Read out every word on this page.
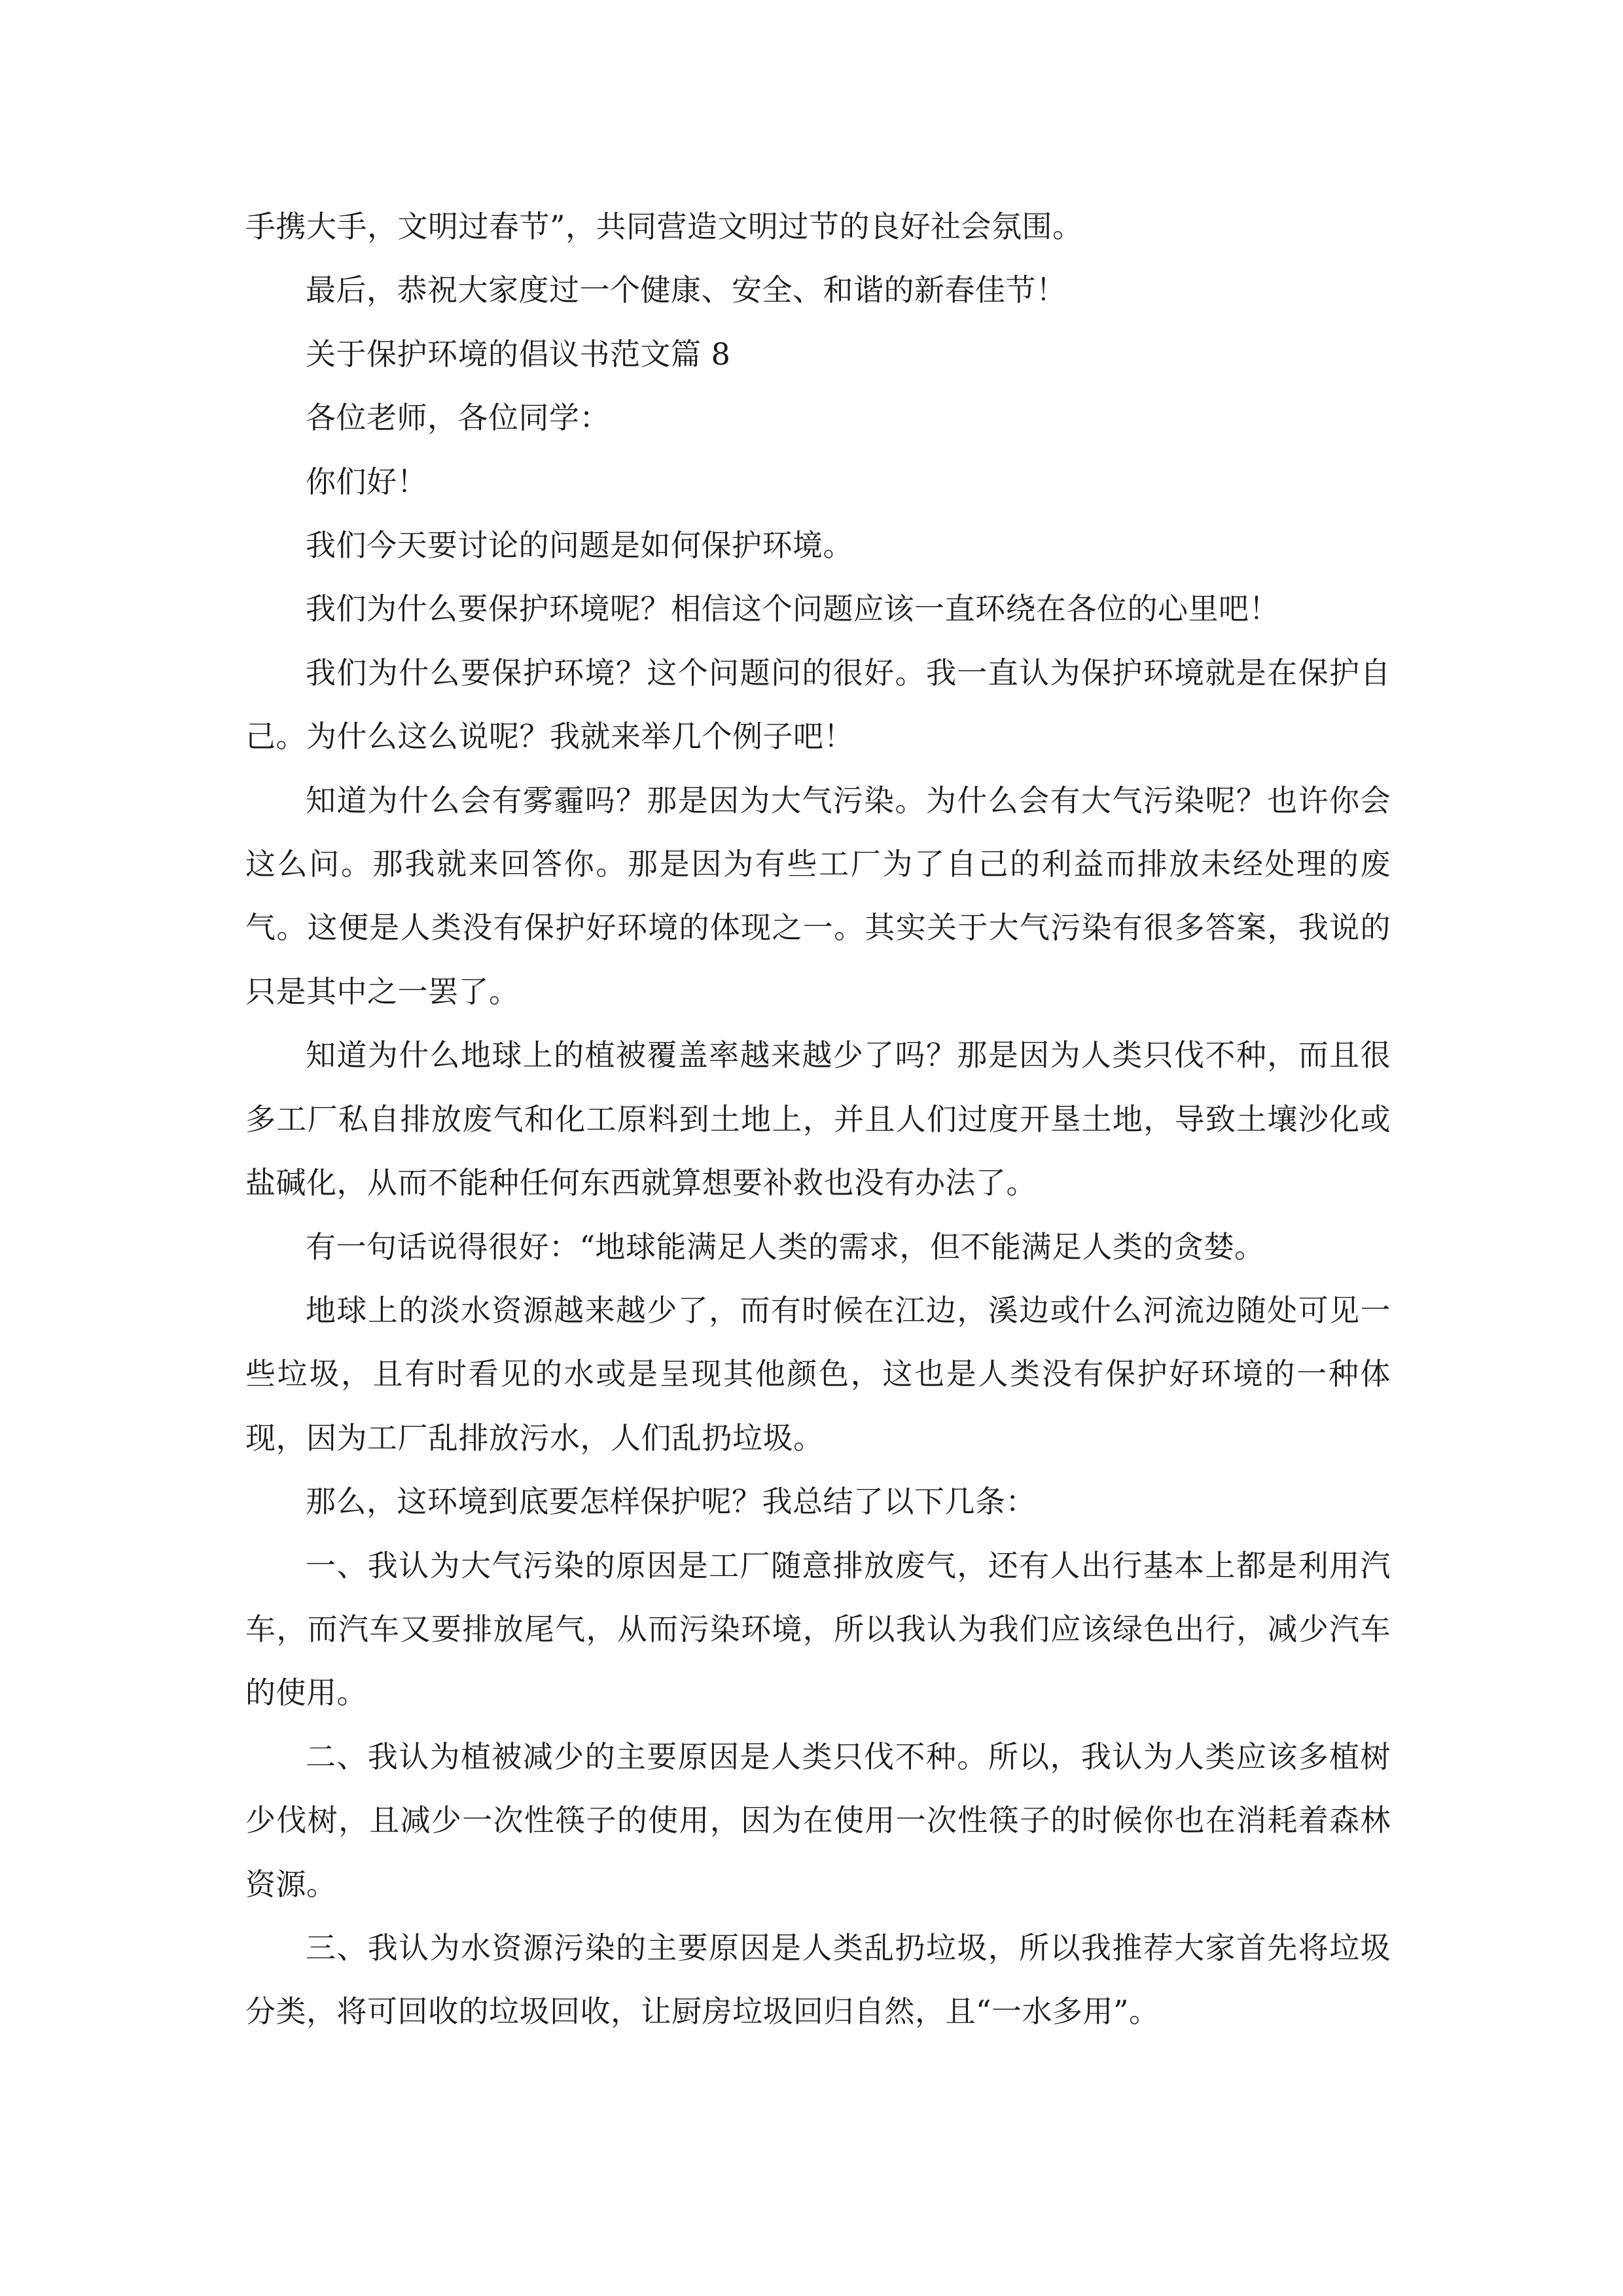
手携大手，文明过春节”，共同营造文明过节的良好社会氛围。

最后，恭祝大家度过一个健康、安全、和谐的新春佳节！

关于保护环境的倡议书范文篇 8

各位老师，各位同学：

你们好！

我们今天要讨论的问题是如何保护环境。

我们为什么要保护环境呢？相信这个问题应该一直环绕在各位的心里吧！

我们为什么要保护环境？这个问题问的很好。我一直认为保护环境就是在保护自己。为什么这么说呢？我就来举几个例子吧！

知道为什么会有雾霾吗？那是因为大气污染。为什么会有大气污染呢？也许你会这么问。那我就来回答你。那是因为有些工厂为了自己的利益而排放未经处理的废气。这便是人类没有保护好环境的体现之一。其实关于大气污染有很多答案，我说的只是其中之一罢了。

知道为什么地球上的植被覆盖率越来越少了吗？那是因为人类只伐不种，而且很多工厂私自排放废气和化工原料到土地上，并且人们过度开垦土地，导致土壤沙化或盐碱化，从而不能种任何东西就算想要补救也没有办法了。

有一句话说得很好：“地球能满足人类的需求，但不能满足人类的贪婪。

地球上的淡水资源越来越少了，而有时候在江边，溪边或什么河流边随处可见一些垃圾，且有时看见的水或是呈现其他颜色，这也是人类没有保护好环境的一种体现，因为工厂乱排放污水，人们乱扔垃圾。

那么，这环境到底要怎样保护呢？我总结了以下几条：

一、我认为大气污染的原因是工厂随意排放废气，还有人出行基本上都是利用汽车，而汽车又要排放尾气，从而污染环境，所以我认为我们应该绿色出行，减少汽车的使用。

二、我认为植被减少的主要原因是人类只伐不种。所以，我认为人类应该多植树少伐树，且减少一次性筷子的使用，因为在使用一次性筷子的时候你也在消耗着森林资源。

三、我认为水资源污染的主要原因是人类乱扔垃圾，所以我推荐大家首先将垃圾分类，将可回收的垃圾回收，让厨房垃圾回归自然，且“一水多用”。
